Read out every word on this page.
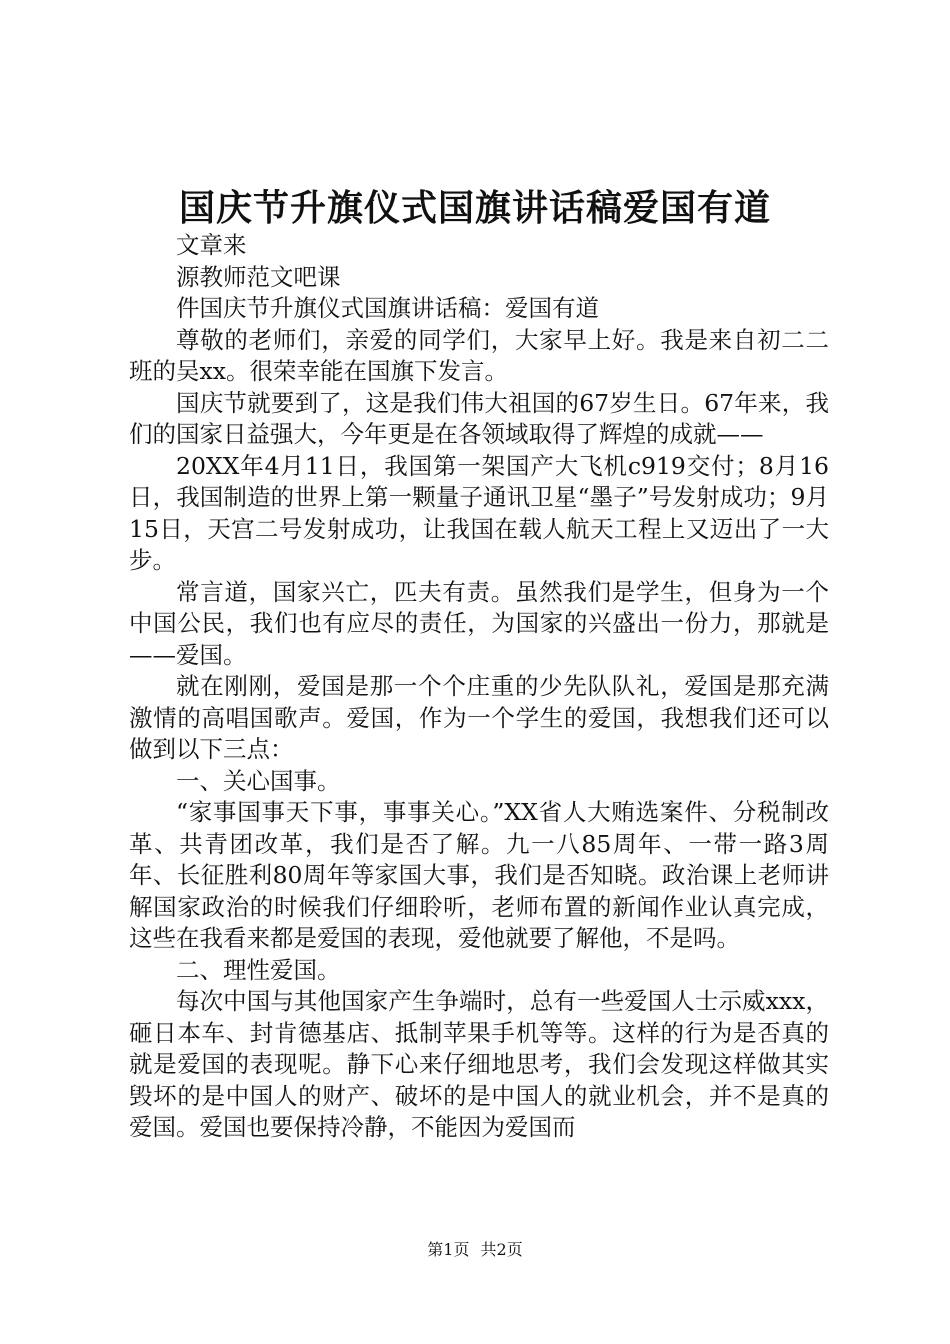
国庆节升旗仪式国旗讲话稿爱国有道

文章来

源教师范文吧课

件国庆节升旗仪式国旗讲话稿：爱国有道

尊敬的老师们，亲爱的同学们，大家早上好。我是来自初二二班的吴xx。很荣幸能在国旗下发言。

国庆节就要到了，这是我们伟大祖国的67岁生日。67年来，我们的国家日益强大，今年更是在各领域取得了辉煌的成就——

20XX年4月11日，我国第一架国产大飞机c919交付；8月16日，我国制造的世界上第一颗量子通讯卫星“墨子”号发射成功；9月15日，天宫二号发射成功，让我国在载人航天工程上又迈出了一大步。

常言道，国家兴亡，匹夫有责。虽然我们是学生，但身为一个中国公民，我们也有应尽的责任，为国家的兴盛出一份力，那就是——爱国。

就在刚刚，爱国是那一个个庄重的少先队队礼，爱国是那充满激情的高唱国歌声。爱国，作为一个学生的爱国，我想我们还可以做到以下三点：

一、关心国事。

“家事国事天下事，事事关心。”XX省人大贿选案件、分税制改革、共青团改革，我们是否了解。九一八85周年、一带一路3周年、长征胜利80周年等家国大事，我们是否知晓。政治课上老师讲解国家政治的时候我们仔细聆听，老师布置的新闻作业认真完成，这些在我看来都是爱国的表现，爱他就要了解他，不是吗。

二、理性爱国。

每次中国与其他国家产生争端时，总有一些爱国人士示威xxx，砸日本车、封肯德基店、抵制苹果手机等等。这样的行为是否真的就是爱国的表现呢。静下心来仔细地思考，我们会发现这样做其实毁坏的是中国人的财产、破坏的是中国人的就业机会，并不是真的爱国。爱国也要保持冷静，不能因为爱国而

第1页 共2页
